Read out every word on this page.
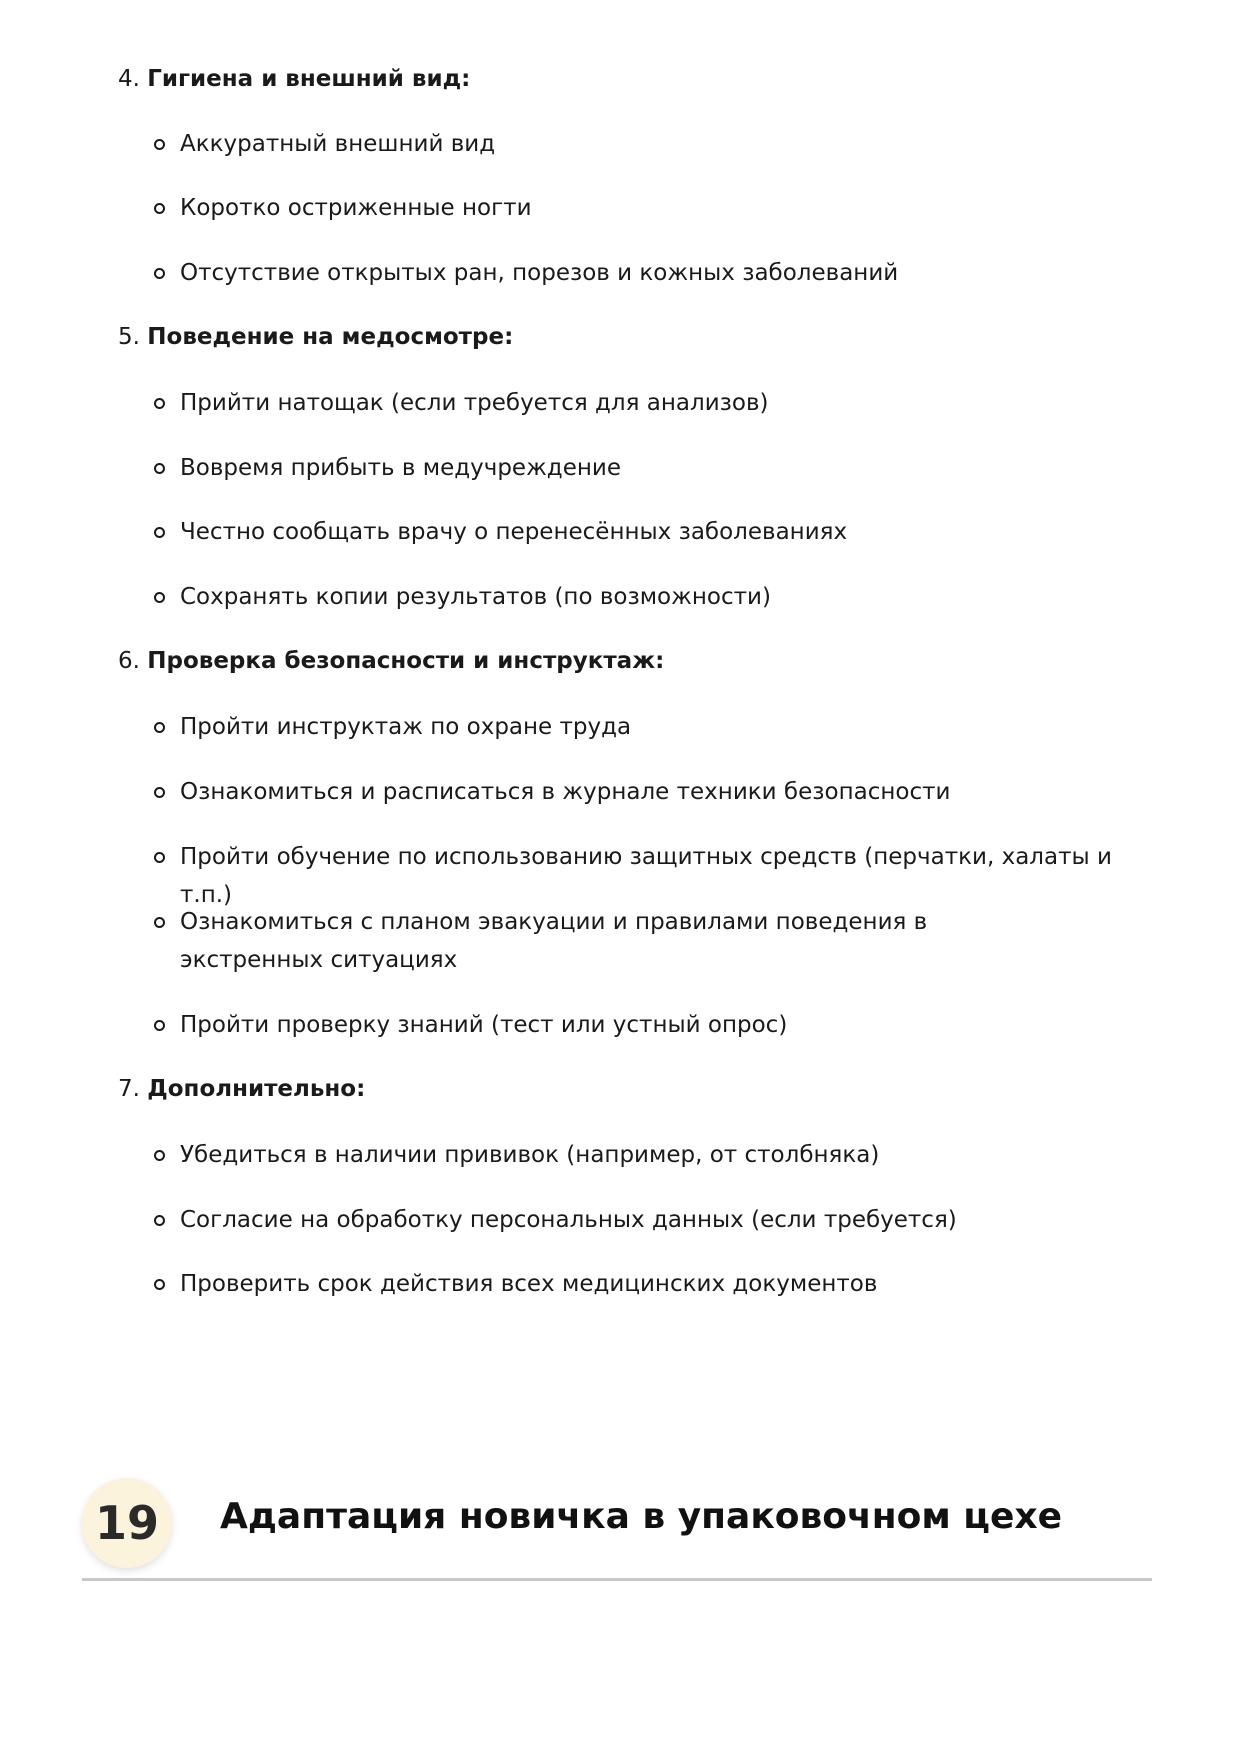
4. Гигиена и внешний вид:

Аккуратный внешний вид
Коротко остриженные ногти
Отсутствие открытых ран, порезов и кожных заболеваний

5. Поведение на медосмотре:

Прийти натощак (если требуется для анализов)
Вовремя прибыть в медучреждение
Честно сообщать врачу о перенесённых заболеваниях
Сохранять копии результатов (по возможности)

6. Проверка безопасности и инструктаж:

Пройти инструктаж по охране труда
Ознакомиться и расписаться в журнале техники безопасности
Пройти обучение по использованию защитных средств (перчатки, халаты и т.п.)
Ознакомиться с планом эвакуации и правилами поведения в экстренных ситуациях
Пройти проверку знаний (тест или устный опрос)

7. Дополнительно:

Убедиться в наличии прививок (например, от столбняка)
Согласие на обработку персональных данных (если требуется)
Проверить срок действия всех медицинских документов
19	Адаптация новичка в упаковочном цехе
